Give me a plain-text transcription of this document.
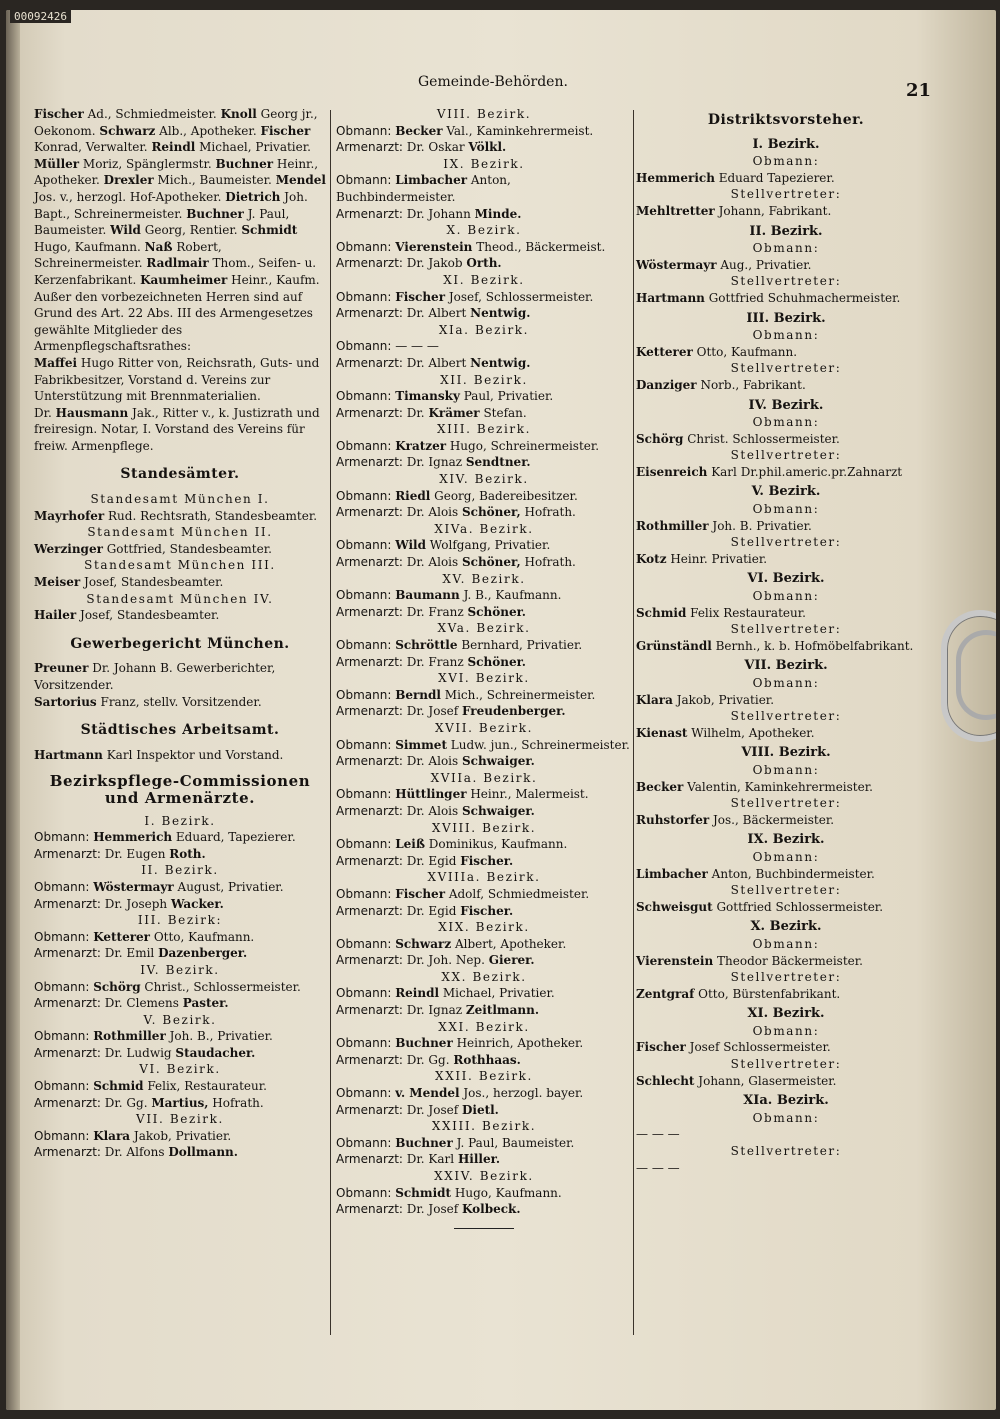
00092426
Gemeinde-Behörden.	21

Fischer Ad., Schmiedmeister. Knoll Georg jr., Oekonom. Schwarz Alb., Apotheker. Fischer Konrad, Verwalter. Reindl Michael, Privatier. Müller Moriz, Spänglermstr. Buchner Heinr., Apotheker. Drexler Mich., Baumeister. Mendel Jos. v., herzogl. Hof-Apotheker. Dietrich Joh. Bapt., Schreinermeister. Buchner J. Paul, Baumeister. Wild Georg, Rentier. Schmidt Hugo, Kaufmann. Naß Robert, Schreinermeister. Radlmair Thom., Seifen- u. Kerzenfabrikant. Kaumheimer Heinr., Kaufm.

Außer den vorbezeichneten Herren sind auf Grund des Art. 22 Abs. III des Armengesetzes gewählte Mitglieder des Armenpflegschaftsrathes:

Maffei Hugo Ritter von, Reichsrath, Guts- und Fabrikbesitzer, Vorstand d. Vereins zur Unterstützung mit Brennmaterialien.

Dr. Hausmann Jak., Ritter v., k. Justizrath und freiresign. Notar, I. Vorstand des Vereins für freiw. Armenpflege.

Standesämter.
Standesamt München I.

Mayrhofer Rud. Rechtsrath, Standesbeamter.

Standesamt München II.

Werzinger Gottfried, Standesbeamter.

Standesamt München III.

Meiser Josef, Standesbeamter.

Standesamt München IV.

Hailer Josef, Standesbeamter.

Gewerbegericht München.

Preuner Dr. Johann B. Gewerberichter, Vorsitzender.

Sartorius Franz, stellv. Vorsitzender.

Städtisches Arbeitsamt.

Hartmann Karl Inspektor und Vorstand.

Bezirkspflege-Commissionen und Armenärzte.
I. Bezirk.

Obmann: Hemmerich Eduard, Tapezierer.

Armenarzt: Dr. Eugen Roth.

II. Bezirk.

Obmann: Wöstermayr August, Privatier.

Armenarzt: Dr. Joseph Wacker.

III. Bezirk:

Obmann: Ketterer Otto, Kaufmann.

Armenarzt: Dr. Emil Dazenberger.

IV. Bezirk.

Obmann: Schörg Christ., Schlossermeister.

Armenarzt: Dr. Clemens Paster.

V. Bezirk.

Obmann: Rothmiller Joh. B., Privatier.

Armenarzt: Dr. Ludwig Staudacher.

VI. Bezirk.

Obmann: Schmid Felix, Restaurateur.

Armenarzt: Dr. Gg. Martius, Hofrath.

VII. Bezirk.

Obmann: Klara Jakob, Privatier.

Armenarzt: Dr. Alfons Dollmann.

VIII. Bezirk.

Obmann: Becker Val., Kaminkehrermeist.

Armenarzt: Dr. Oskar Völkl.

IX. Bezirk.

Obmann: Limbacher Anton, Buchbindermeister.

Armenarzt: Dr. Johann Minde.

X. Bezirk.

Obmann: Vierenstein Theod., Bäckermeist.

Armenarzt: Dr. Jakob Orth.

XI. Bezirk.

Obmann: Fischer Josef, Schlossermeister.

Armenarzt: Dr. Albert Nentwig.

XIa. Bezirk.

Obmann: — — —

Armenarzt: Dr. Albert Nentwig.

XII. Bezirk.

Obmann: Timansky Paul, Privatier.

Armenarzt: Dr. Krämer Stefan.

XIII. Bezirk.

Obmann: Kratzer Hugo, Schreinermeister.

Armenarzt: Dr. Ignaz Sendtner.

XIV. Bezirk.

Obmann: Riedl Georg, Badereibesitzer.

Armenarzt: Dr. Alois Schöner, Hofrath.

XIVa. Bezirk.

Obmann: Wild Wolfgang, Privatier.

Armenarzt: Dr. Alois Schöner, Hofrath.

XV. Bezirk.

Obmann: Baumann J. B., Kaufmann.

Armenarzt: Dr. Franz Schöner.

XVa. Bezirk.

Obmann: Schröttle Bernhard, Privatier.

Armenarzt: Dr. Franz Schöner.

XVI. Bezirk.

Obmann: Berndl Mich., Schreinermeister.

Armenarzt: Dr. Josef Freudenberger.

XVII. Bezirk.

Obmann: Simmet Ludw. jun., Schreinermeister.

Armenarzt: Dr. Alois Schwaiger.

XVIIa. Bezirk.

Obmann: Hüttlinger Heinr., Malermeist.

Armenarzt: Dr. Alois Schwaiger.

XVIII. Bezirk.

Obmann: Leiß Dominikus, Kaufmann.

Armenarzt: Dr. Egid Fischer.

XVIIIa. Bezirk.

Obmann: Fischer Adolf, Schmiedmeister.

Armenarzt: Dr. Egid Fischer.

XIX. Bezirk.

Obmann: Schwarz Albert, Apotheker.

Armenarzt: Dr. Joh. Nep. Gierer.

XX. Bezirk.

Obmann: Reindl Michael, Privatier.

Armenarzt: Dr. Ignaz Zeitlmann.

XXI. Bezirk.

Obmann: Buchner Heinrich, Apotheker.

Armenarzt: Dr. Gg. Rothhaas.

XXII. Bezirk.

Obmann: v. Mendel Jos., herzogl. bayer.

Armenarzt: Dr. Josef Dietl.

XXIII. Bezirk.

Obmann: Buchner J. Paul, Baumeister.

Armenarzt: Dr. Karl Hiller.

XXIV. Bezirk.

Obmann: Schmidt Hugo, Kaufmann.

Armenarzt: Dr. Josef Kolbeck.

Distriktsvorsteher.
I. Bezirk.
Obmann:

Hemmerich Eduard Tapezierer.

Stellvertreter:

Mehltretter Johann, Fabrikant.

II. Bezirk.
Obmann:

Wöstermayr Aug., Privatier.

Stellvertreter:

Hartmann Gottfried Schuhmachermeister.

III. Bezirk.
Obmann:

Ketterer Otto, Kaufmann.

Stellvertreter:

Danziger Norb., Fabrikant.

IV. Bezirk.
Obmann:

Schörg Christ. Schlossermeister.

Stellvertreter:

Eisenreich Karl Dr.phil.americ.pr.Zahnarzt

V. Bezirk.
Obmann:

Rothmiller Joh. B. Privatier.

Stellvertreter:

Kotz Heinr. Privatier.

VI. Bezirk.
Obmann:

Schmid Felix Restaurateur.

Stellvertreter:

Grünständl Bernh., k. b. Hofmöbelfabrikant.

VII. Bezirk.
Obmann:

Klara Jakob, Privatier.

Stellvertreter:

Kienast Wilhelm, Apotheker.

VIII. Bezirk.
Obmann:

Becker Valentin, Kaminkehrermeister.

Stellvertreter:

Ruhstorfer Jos., Bäckermeister.

IX. Bezirk.
Obmann:

Limbacher Anton, Buchbindermeister.

Stellvertreter:

Schweisgut Gottfried Schlossermeister.

X. Bezirk.
Obmann:

Vierenstein Theodor Bäckermeister.

Stellvertreter:

Zentgraf Otto, Bürstenfabrikant.

XI. Bezirk.
Obmann:

Fischer Josef Schlossermeister.

Stellvertreter:

Schlecht Johann, Glasermeister.

XIa. Bezirk.
Obmann:

— — —

Stellvertreter:

— — —
